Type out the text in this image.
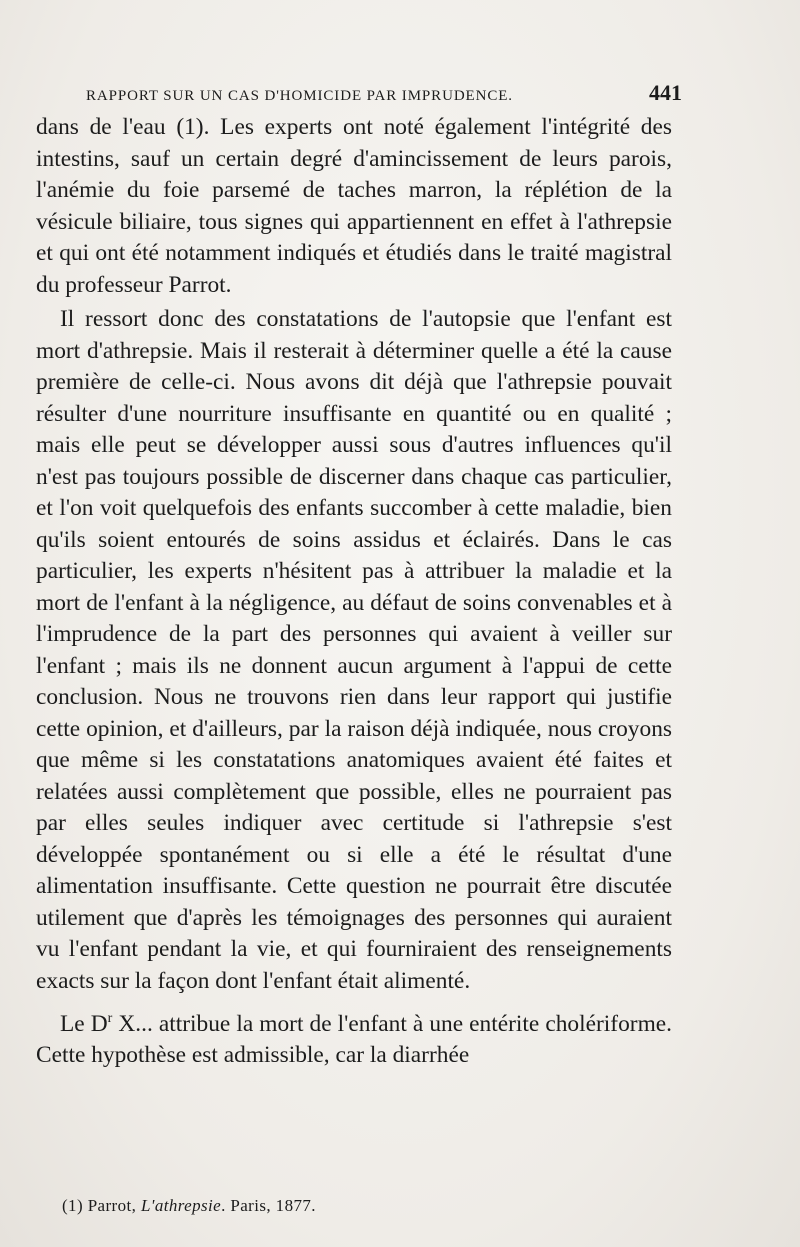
RAPPORT SUR UN CAS D'HOMICIDE PAR IMPRUDENCE.	441

dans de l'eau (1). Les experts ont noté également l'intégrité des intestins, sauf un certain degré d'amincissement de leurs parois, l'anémie du foie parsemé de taches marron, la réplétion de la vésicule biliaire, tous signes qui appartiennent en effet à l'athrepsie et qui ont été notamment indiqués et étudiés dans le traité magistral du professeur Parrot.

Il ressort donc des constatations de l'autopsie que l'enfant est mort d'athrepsie. Mais il resterait à déterminer quelle a été la cause première de celle-ci. Nous avons dit déjà que l'athrepsie pouvait résulter d'une nourriture insuffisante en quantité ou en qualité ; mais elle peut se développer aussi sous d'autres influences qu'il n'est pas toujours possible de discerner dans chaque cas particulier, et l'on voit quelquefois des enfants succomber à cette maladie, bien qu'ils soient entourés de soins assidus et éclairés. Dans le cas particulier, les experts n'hésitent pas à attribuer la maladie et la mort de l'enfant à la négligence, au défaut de soins convenables et à l'imprudence de la part des personnes qui avaient à veiller sur l'enfant ; mais ils ne donnent aucun argument à l'appui de cette conclusion. Nous ne trouvons rien dans leur rapport qui justifie cette opinion, et d'ailleurs, par la raison déjà indiquée, nous croyons que même si les constatations anatomiques avaient été faites et relatées aussi complètement que possible, elles ne pourraient pas par elles seules indiquer avec certitude si l'athrepsie s'est développée spontanément ou si elle a été le résultat d'une alimentation insuffisante. Cette question ne pourrait être discutée utilement que d'après les témoignages des personnes qui auraient vu l'enfant pendant la vie, et qui fourniraient des renseignements exacts sur la façon dont l'enfant était alimenté.

Le $D^r$ X... attribue la mort de l'enfant à une entérite cholériforme. Cette hypothèse est admissible, car la diarrhée

(1) Parrot, L'athrepsie. Paris, 1877.
